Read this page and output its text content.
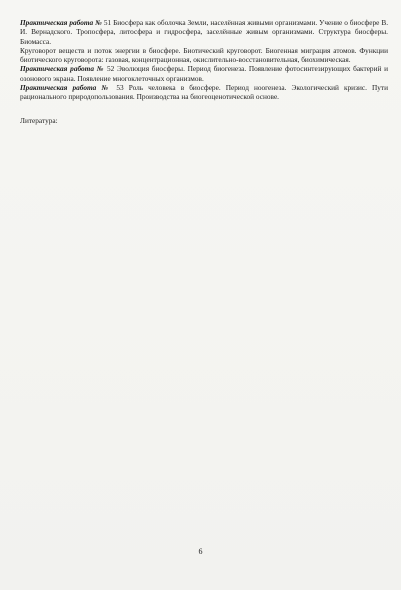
Практическая работа № 51 Биосфера как оболочка Земли, населённая живыми организмами. Учение о биосфере В. И. Вернадского. Тропосфера, литосфера и гидросфера, заселённые живым организмами. Структура биосферы. Биомасса.

Круговорот веществ и поток энергии в биосфере. Биотический круговорот. Биогенная миграция атомов. Функции биотического круговорота: газовая, концентрационная, окислительно-восстановительная, биохимическая.

Практическая работа № 52 Эволюция биосферы. Период биогенеза. Появление фотосинтезирующих бактерий и озонового экрана. Появление многоклеточных организмов.

Практическая работа № 53 Роль человека в биосфере. Период ноогенеза. Экологический кризис. Пути рационального природопользования. Производства на биогеоценотической основе.

Литература:

6
